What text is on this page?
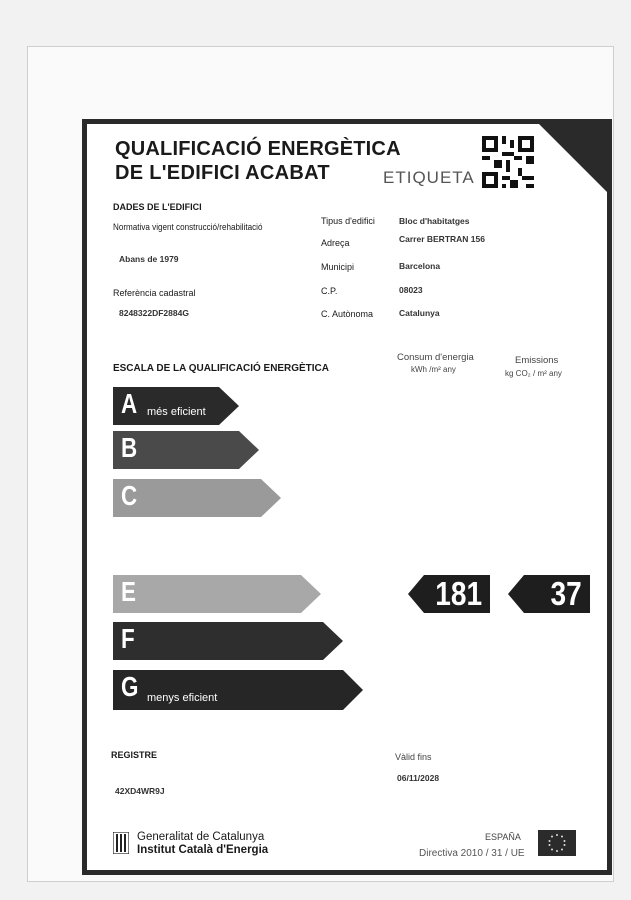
QUALIFICACIÓ ENERGÈTICA
DE L'EDIFICI ACABAT	ETIQUETA
DADES DE L'EDIFICI
Normativa vigent construcció/rehabilitació
Abans de 1979
Referència cadastral
8248322DF2884G
Tipus d'edifici	Bloc d'habitatges
Adreça	Carrer BERTRAN 156
Municipi	Barcelona
C.P.	08023
C. Autònoma	Catalunya
ESCALA DE LA QUALIFICACIÓ ENERGÈTICA
Consum d'energia
kWh /m² any
Emissions
kg CO₂ / m² any
A més eficient
B
C
E
F
G menys eficient
181 37
REGISTRE
42XD4WR9J
Vàlid fins
06/11/2028
Generalitat de Catalunya
Institut Català d'Energia
ESPAÑA
Directiva 2010 / 31 / UE
